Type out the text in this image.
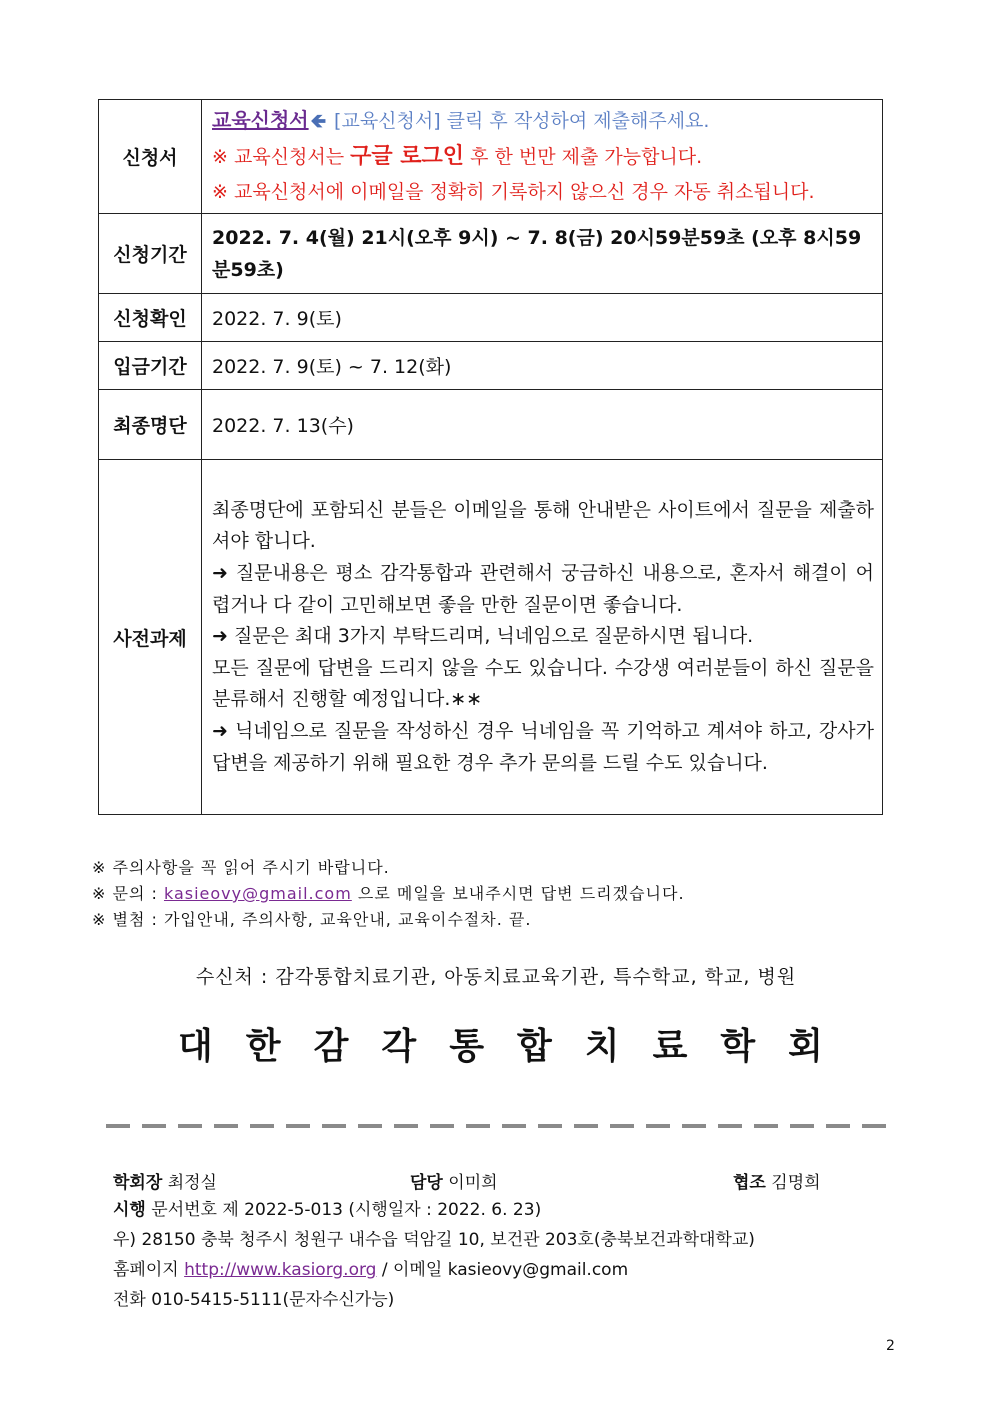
신청서	교육신청서 🡸 [교육신청서] 클릭 후 작성하여 제출해주세요.
※ 교육신청서는 구글 로그인 후 한 번만 제출 가능합니다.
※ 교육신청서에 이메일을 정확히 기록하지 않으신 경우 자동 취소됩니다.

신청기간	2022. 7. 4(월) 21시(오후 9시) ~ 7. 8(금) 20시59분59초 (오후 8시59분59초)

신청확인	2022. 7. 9(토)
입금기간	2022. 7. 9(토) ~ 7. 12(화)
최종명단	2022. 7. 13(수)
사전과제	최종명단에 포함되신 분들은 이메일을 통해 안내받은 사이트에서 질문을 제출하셔야 합니다.

➜ 질문내용은 평소 감각통합과 관련해서 궁금하신 내용으로, 혼자서 해결이 어렵거나 다 같이 고민해보면 좋을 만한 질문이면 좋습니다.

➜ 질문은 최대 3가지 부탁드리며, 닉네임으로 질문하시면 됩니다.

모든 질문에 답변을 드리지 않을 수도 있습니다. 수강생 여러분들이 하신 질문을 분류해서 진행할 예정입니다.∗∗

➜ 닉네임으로 질문을 작성하신 경우 닉네임을 꼭 기억하고 계셔야 하고, 강사가 답변을 제공하기 위해 필요한 경우 추가 문의를 드릴 수도 있습니다.

※ 주의사항을 꼭 읽어 주시기 바랍니다.
※ 문의 : kasieovy@gmail.com 으로 메일을 보내주시면 답변 드리겠습니다.
※ 별첨 : 가입안내, 주의사항, 교육안내, 교육이수절차. 끝.
수신처 : 감각통합치료기관, 아동치료교육기관, 특수학교, 학교, 병원
대 한 감 각 통 합 치 료 학 회
학회장 최정실	담당 이미희	협조 김명희

시행 문서번호 제 2022-5-013 (시행일자 : 2022. 6. 23)

우) 28150 충북 청주시 청원구 내수읍 덕암길 10, 보건관 203호(충북보건과학대학교)

홈페이지 http://www.kasiorg.org / 이메일 kasieovy@gmail.com

전화 010-5415-5111(문자수신가능)

2
